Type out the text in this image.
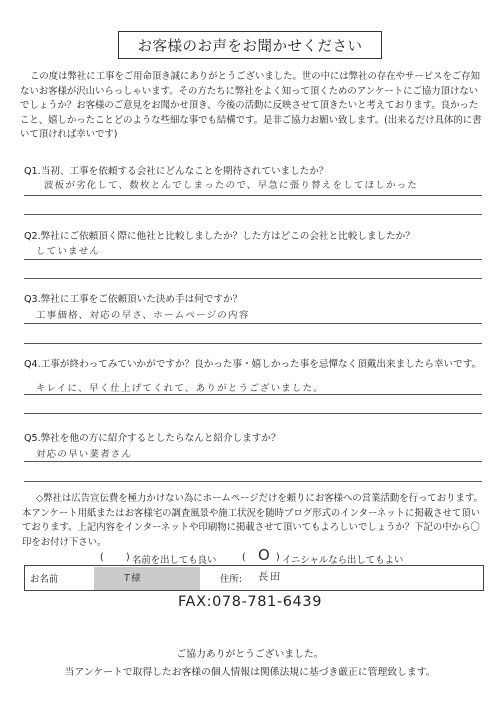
お客様のお声をお聞かせください
この度は弊社に工事をご用命頂き誠にありがとうございました。世の中には弊社の存在やサービスをご存知ないお客様が沢山いらっしゃいます。その方たちに弊社をよく知って頂くためのアンケートにご協力頂けないでしょうか？お客様のご意見をお聞かせ頂き、今後の活動に反映させて頂きたいと考えております。良かったこと、嬉しかったことどのような些細な事でも結構です。是非ご協力お願い致します。(出来るだけ具体的に書いて頂ければ幸いです)
Q1.当初、工事を依頼する会社にどんなことを期待されていましたか？
波板が劣化して、数枚とんでしまったので、早急に張り替えをしてほしかった
Q2.弊社にご依頼頂く際に他社と比較しましたか？した方はどこの会社と比較しましたか？
していません
Q3.弊社に工事をご依頼頂いた決め手は何ですか？
工事価格、対応の早さ、ホームページの内容
Q4.工事が終わってみていかがですか？良かった事・嬉しかった事を忌憚なく頂戴出来ましたら幸いです。
キレイに、早く仕上げてくれて、ありがとうございました。
Q5.弊社を他の方に紹介するとしたらなんと紹介しますか？
対応の早い業者さん
◇弊社は広告宣伝費を極力かけない為にホームページだけを頼りにお客様への営業活動を行っております。本アンケート用紙またはお客様宅の調査風景や施工状況を随時ブログ形式のインターネットに掲載させて頂いております。上記内容をインターネットや印刷物に掲載させて頂いてもよろしいでしょうか？下記の中から〇印をお付け下さい。
( ) 名前を出しても良い	( O ) イニシャルなら出してもよい
お名前	T様	住所: 長田
FAX:078-781-6439
ご協力ありがとうございました。
当アンケートで取得したお客様の個人情報は関係法規に基づき厳正に管理致します。
